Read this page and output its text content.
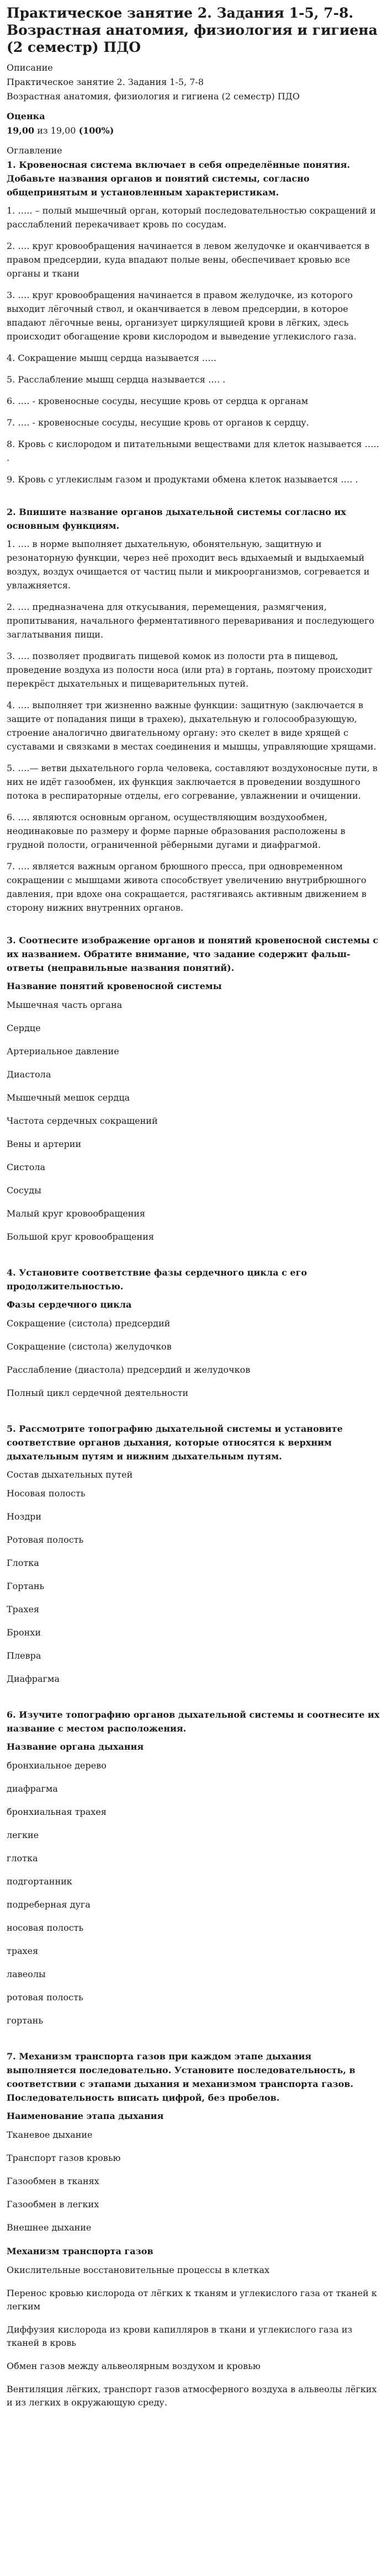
Практическое занятие 2. Задания 1-5, 7-8. Возрастная анатомия, физиология и гигиена (2 семестр) ПДО
Описание
Практическое занятие 2. Задания 1-5, 7-8
Возрастная анатомия, физиология и гигиена (2 семестр) ПДО
Оценка
19,00 из 19,00 (100%)
Оглавление
1. Кровеносная система включает в себя определённые понятия. Добавьте названия органов и понятий системы, согласно общепринятым и установленным характеристикам.

1. ….. – полый мышечный орган, который последовательностью сокращений и расслаблений перекачивает кровь по сосудам.

2. …. круг кровообращения начинается в левом желудочке и оканчивается в правом предсердии, куда впадают полые вены, обеспечивает кровью все органы и ткани

3. …. круг кровообращения начинается в правом желудочке, из которого выходит лёгочный ствол, и оканчивается в левом предсердии, в которое впадают лёгочные вены, организует циркулящией крови в лёгких, здесь происходит обогащение крови кислородом и выведение углекислого газа.

4. Сокращение мышц сердца называется …..

5. Расслабление мышц сердца называется …. .

6. …. - кровеносные сосуды, несущие кровь от сердца к органам

7. …. - кровеносные сосуды, несущие кровь от органов к сердцу.

8. Кровь с кислородом и питательными веществами для клеток называется ….. .

9. Кровь с углекислым газом и продуктами обмена клеток называется …. .

2. Впишите название органов дыхательной системы согласно их основным функциям.

1. …. в норме выполняет дыхательную, обонятельную, защитную и резонаторную функции, через неё проходит весь вдыхаемый и выдыхаемый воздух, воздух очищается от частиц пыли и микроорганизмов, согревается и увлажняется.

2. …. предназначена для откусывания, перемещения, размягчения, пропитывания, начального ферментативного переваривания и последующего заглатывания пищи.

3. …. позволяет продвигать пищевой комок из полости рта в пищевод, проведение воздуха из полости носа (или рта) в гортань, поэтому происходит перекрёст дыхательных и пищеварительных путей.

4. …. выполняет три жизненно важные функции: защитную (заключается в защите от попадания пищи в трахею), дыхательную и голосообразующую, строение аналогично двигательному органу: это скелет в виде хрящей с суставами и связками в местах соединения и мышцы, управляющие хрящами.

5. ….— ветви дыхательного горла человека, составляют воздухоносные пути, в них не идёт газообмен, их функция заключается в проведении воздушного потока в респираторные отделы, его согревание, увлажнении и очищении.

6. …. являются основным органом, осуществляющим воздухообмен, неодинаковые по размеру и форме парные образования расположены в грудной полости, ограниченной рёберными дугами и диафрагмой.

7. …. является важным органом брюшного пресса, при одновременном сокращении с мышцами живота способствует увеличению внутрибрюшного давления, при вдохе она сокращается, растягиваясь активным движением в сторону нижних внутренних органов.

3. Соотнесите изображение органов и понятий кровеносной системы с их названием. Обратите внимание, что задание содержит фальш-ответы (неправильные названия понятий).
Название понятий кровеносной системы
Мышечная часть органа
Сердце
Артериальное давление
Диастола
Мышечный мешок сердца
Частота сердечных сокращений
Вены и артерии
Систола
Сосуды
Малый круг кровообращения
Большой круг кровообращения
4. Установите соответствие фазы сердечного цикла с его продолжительностью.
Фазы сердечного цикла
Сокращение (систола) предсердий
Сокращение (систола) желудочков
Расслабление (диастола) предсердий и желудочков
Полный цикл сердечной деятельности
5. Рассмотрите топографию дыхательной системы и установите соответствие органов дыхания, которые относятся к верхним дыхательным путям и нижним дыхательным путям.
Состав дыхательных путей
Носовая полость
Ноздри
Ротовая полость
Глотка
Гортань
Трахея
Бронхи
Плевра
Диафрагма
6. Изучите топографию органов дыхательной системы и соотнесите их название с местом расположения.
Название органа дыхания
бронхиальное дерево
диафрагма
бронхиальная трахея
легкие
глотка
подгортанник
подреберная дуга
носовая полость
трахея
лавеолы
ротовая полость
гортань
7. Механизм транспорта газов при каждом этапе дыхания выполняется последовательно. Установите последовательность, в соответствии с этапами дыхания и механизмом транспорта газов. Последовательность вписать цифрой, без пробелов.
Наименование этапа дыхания
Тканевое дыхание
Транспорт газов кровью
Газообмен в тканях
Газообмен в легких
Внешнее дыхание
Механизм транспорта газов
Окислительные восстановительные процессы в клетках
Перенос кровью кислорода от лёгких к тканям и углекислого газа от тканей к легким
Диффузия кислорода из крови капилляров в ткани и углекислого газа из тканей в кровь
Обмен газов между альвеолярным воздухом и кровью
Вентиляция лёгких, транспорт газов атмосферного воздуха в альвеолы лёгких и из легких в окружающую среду.
